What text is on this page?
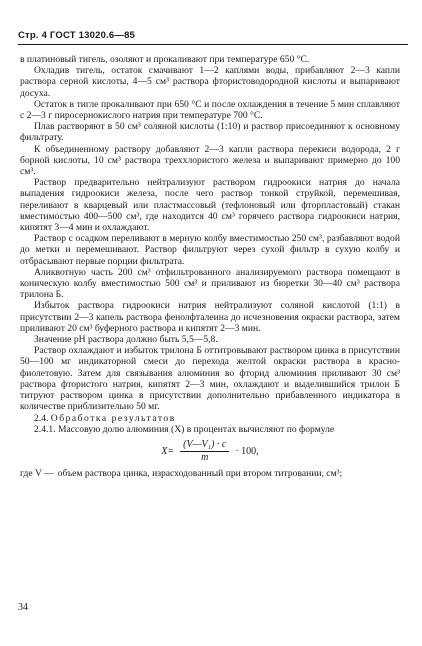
Стр. 4 ГОСТ 13020.6—85

в платиновый тигель, озоляют и прокаливают при температуре 650 °С.

Охладив тигель, остаток смачивают 1—2 каплями воды, прибавляют 2—3 капли раствора серной кислоты, 4—5 см³ раствора фтористоводородной кислоты и выпаривают досуха.

Остаток в тигле прокаливают при 650 °С и после охлаждения в течение 5 мин сплавляют с 2—3 г пиросернокислого натрия при температуре 700 °С.

Плав растворяют в 50 см³ соляной кислоты (1:10) и раствор присоединяют к основному фильтрату.

К объединенному раствору добавляют 2—3 капли раствора перекиси водорода, 2 г борной кислоты, 10 см³ раствора треххлористого железа и выпаривают примерно до 100 см³.

Раствор предварительно нейтрализуют раствором гидроокиси натрия до начала выпадения гидроокиси железа, после чего раствор тонкой струйкой, перемешивая, переливают в кварцевый или пластмассовый (тефлоновый или фторпластовый) стакан вместимостью 400—500 см³, где находится 40 см³ горячего раствора гидроокиси натрия, кипятят 3—4 мин и охлаждают.

Раствор с осадком переливают в мерную колбу вместимостью 250 см³, разбавляют водой до метки и перемешивают. Раствор фильтруют через сухой фильтр в сухую колбу и отбрасывают первые порции фильтрата.

Аликвотную часть 200 см³ отфильтрованного анализируемого раствора помещают в коническую колбу вместимостью 500 см³ и приливают из бюретки 30—40 см³ раствора трилона Б.

Избыток раствора гидроокиси натрия нейтрализуют соляной кислотой (1:1) в присутствии 2—3 капель раствора фенолфталеина до исчезновения окраски раствора, затем приливают 20 см³ буферного раствора и кипятят 2—3 мин.

Значение рН раствора должно быть 5,5—5,8.

Раствор охлаждают и избыток трилона Б оттитровывают раствором цинка в присутствии 50—100 мг индикаторной смеси до перехода желтой окраски раствора в красно-фиолетовую. Затем для связывания алюминия во фторид алюминия приливают 30 см³ раствора фтористого натрия, кипятят 2—3 мин, охлаждают и выделившийся трилон Б титруют раствором цинка в присутствии дополнительно прибавленного индикатора в количестве приблизительно 50 мг.

2.4. Обработка результатов

2.4.1. Массовую долю алюминия (X) в процентах вычисляют по формуле

$X= \frac{\text{(V—V₁) · c}}{m} \cdot 100$,
где V — объем раствора цинка, израсходованный при втором титровании, см³;
34
